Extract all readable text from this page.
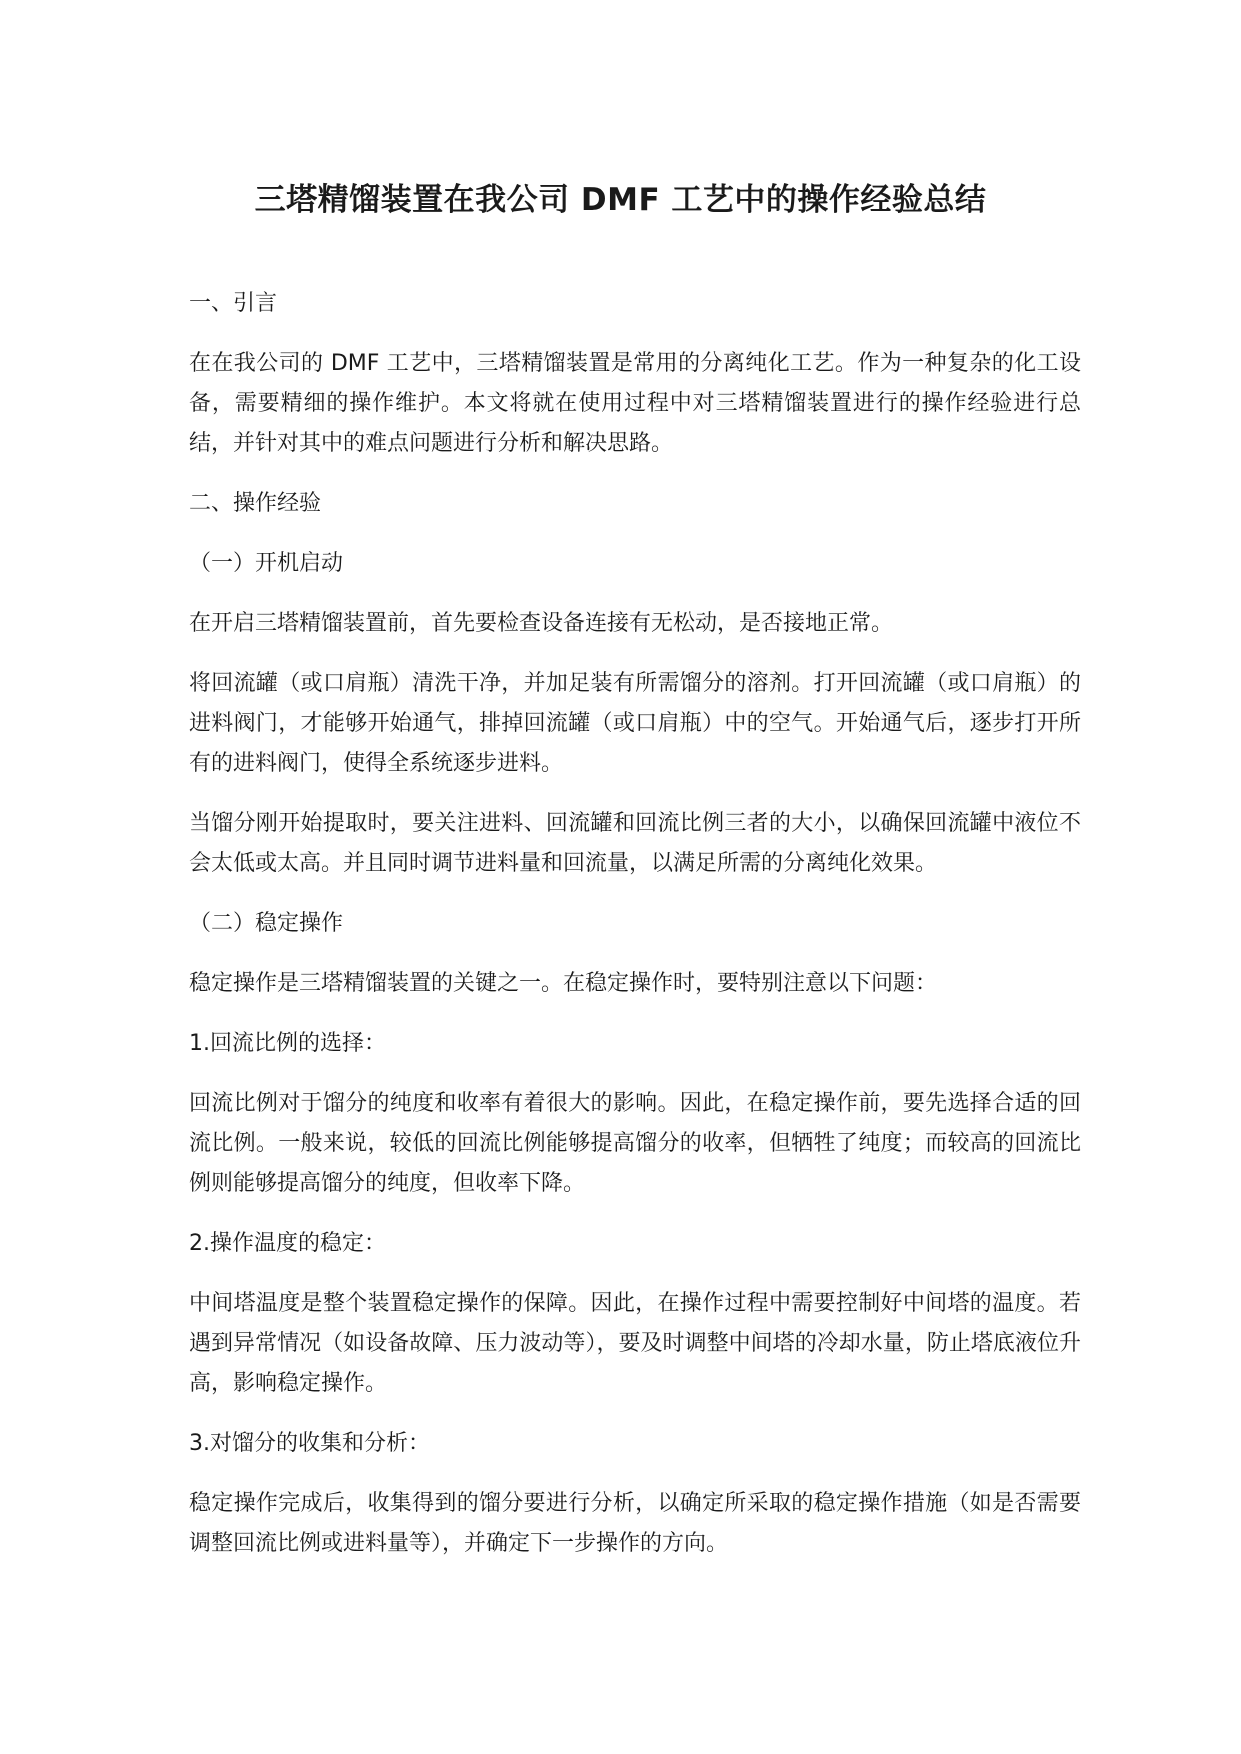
三塔精馏装置在我公司 DMF 工艺中的操作经验总结

一、引言

在在我公司的 DMF 工艺中，三塔精馏装置是常用的分离纯化工艺。作为一种复杂的化工设备，需要精细的操作维护。本文将就在使用过程中对三塔精馏装置进行的操作经验进行总结，并针对其中的难点问题进行分析和解决思路。

二、操作经验

（一）开机启动

在开启三塔精馏装置前，首先要检查设备连接有无松动，是否接地正常。

将回流罐（或口肩瓶）清洗干净，并加足装有所需馏分的溶剂。打开回流罐（或口肩瓶）的进料阀门，才能够开始通气，排掉回流罐（或口肩瓶）中的空气。开始通气后，逐步打开所有的进料阀门，使得全系统逐步进料。

当馏分刚开始提取时，要关注进料、回流罐和回流比例三者的大小，以确保回流罐中液位不会太低或太高。并且同时调节进料量和回流量，以满足所需的分离纯化效果。

（二）稳定操作

稳定操作是三塔精馏装置的关键之一。在稳定操作时，要特别注意以下问题：

1.回流比例的选择：

回流比例对于馏分的纯度和收率有着很大的影响。因此，在稳定操作前，要先选择合适的回流比例。一般来说，较低的回流比例能够提高馏分的收率，但牺牲了纯度；而较高的回流比例则能够提高馏分的纯度，但收率下降。

2.操作温度的稳定：

中间塔温度是整个装置稳定操作的保障。因此，在操作过程中需要控制好中间塔的温度。若遇到异常情况（如设备故障、压力波动等），要及时调整中间塔的冷却水量，防止塔底液位升高，影响稳定操作。

3.对馏分的收集和分析：

稳定操作完成后，收集得到的馏分要进行分析，以确定所采取的稳定操作措施（如是否需要调整回流比例或进料量等），并确定下一步操作的方向。
